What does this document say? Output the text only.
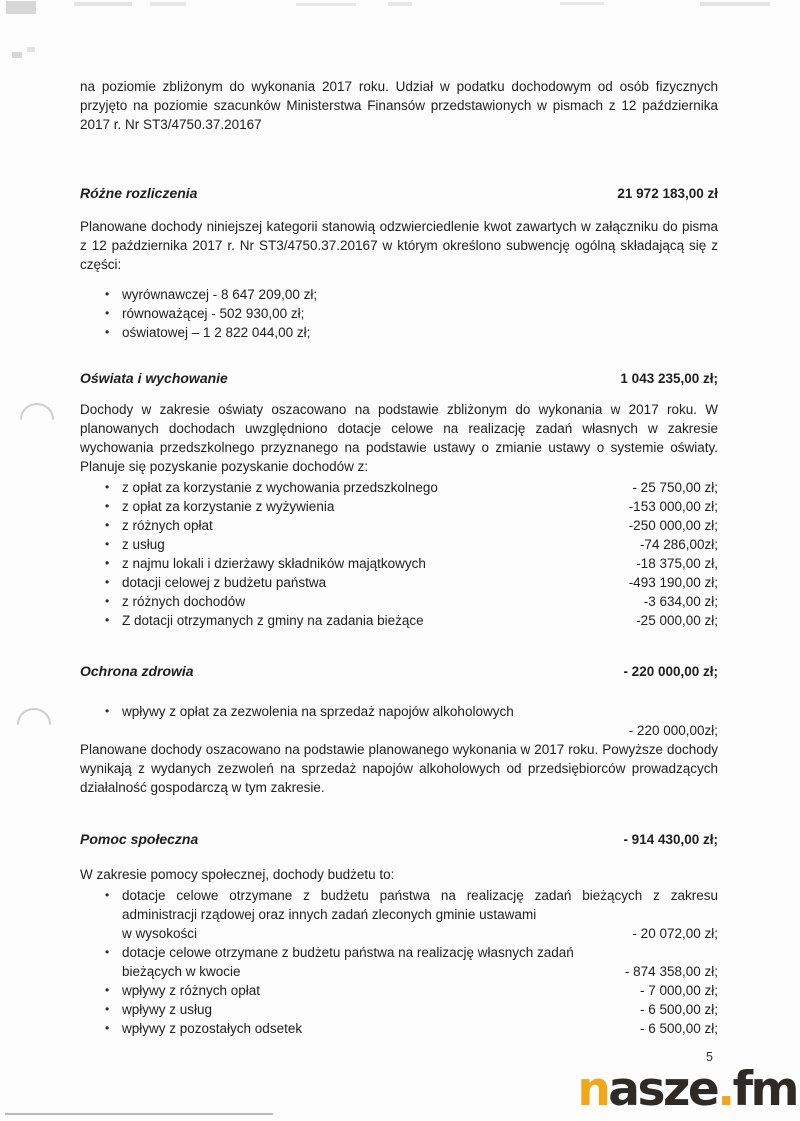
na poziomie zbliżonym do wykonania 2017 roku. Udział w podatku dochodowym od osób fizycznych przyjęto na poziomie szacunków Ministerstwa Finansów przedstawionych w pismach z 12 października 2017 r. Nr ST3/4750.37.20167

Różne rozliczenia	21 972 183,00 zł

Planowane dochody niniejszej kategorii stanowią odzwierciedlenie kwot zawartych w załączniku do pisma z 12 października 2017 r. Nr ST3/4750.37.20167 w którym określono subwencję ogólną składającą się z części:

• wyrównawczej - 8 647 209,00 zł;
• równoważącej - 502 930,00 zł;
• oświatowej – 1 2 822 044,00 zł;
Oświata i wychowanie	1 043 235,00 zł;

Dochody w zakresie oświaty oszacowano na podstawie zbliżonym do wykonania w 2017 roku. W planowanych dochodach uwzględniono dotacje celowe na realizację zadań własnych w zakresie wychowania przedszkolnego przyznanego na podstawie ustawy o zmianie ustawy o systemie oświaty. Planuje się pozyskanie pozyskanie dochodów z:

• z opłat za korzystanie z wychowania przedszkolnego	- 25 750,00 zł;
• z opłat za korzystanie z wyżywienia	-153 000,00 zł;
• z różnych opłat	-250 000,00 zł;
• z usług	-74 286,00zł;
• z najmu lokali i dzierżawy składników majątkowych	-18 375,00 zł,
• dotacji celowej z budżetu państwa	-493 190,00 zł;
• z różnych dochodów	-3 634,00 zł;
• Z dotacji otrzymanych z gminy na zadania bieżące	-25 000,00 zł;
Ochrona zdrowia	- 220 000,00 zł;
• wpływy z opłat za zezwolenia na sprzedaż napojów alkoholowych
- 220 000,00zł;

Planowane dochody oszacowano na podstawie planowanego wykonania w 2017 roku. Powyższe dochody wynikają z wydanych zezwoleń na sprzedaż napojów alkoholowych od przedsiębiorców prowadzących działalność gospodarczą w tym zakresie.

Pomoc społeczna	- 914 430,00 zł;

W zakresie pomocy społecznej, dochody budżetu to:

• dotacje celowe otrzymane z budżetu państwa na realizację zadań bieżących z zakresu administracji rządowej oraz innych zadań zleconych gminie ustawami
w wysokości	- 20 072,00 zł;
• dotacje celowe otrzymane z budżetu państwa na realizację własnych zadań
bieżących w kwocie	- 874 358,00 zł;
• wpływy z różnych opłat	- 7 000,00 zł;
• wpływy z usług	- 6 500,00 zł;
• wpływy z pozostałych odsetek	- 6 500,00 zł;
5
nasze.fm
